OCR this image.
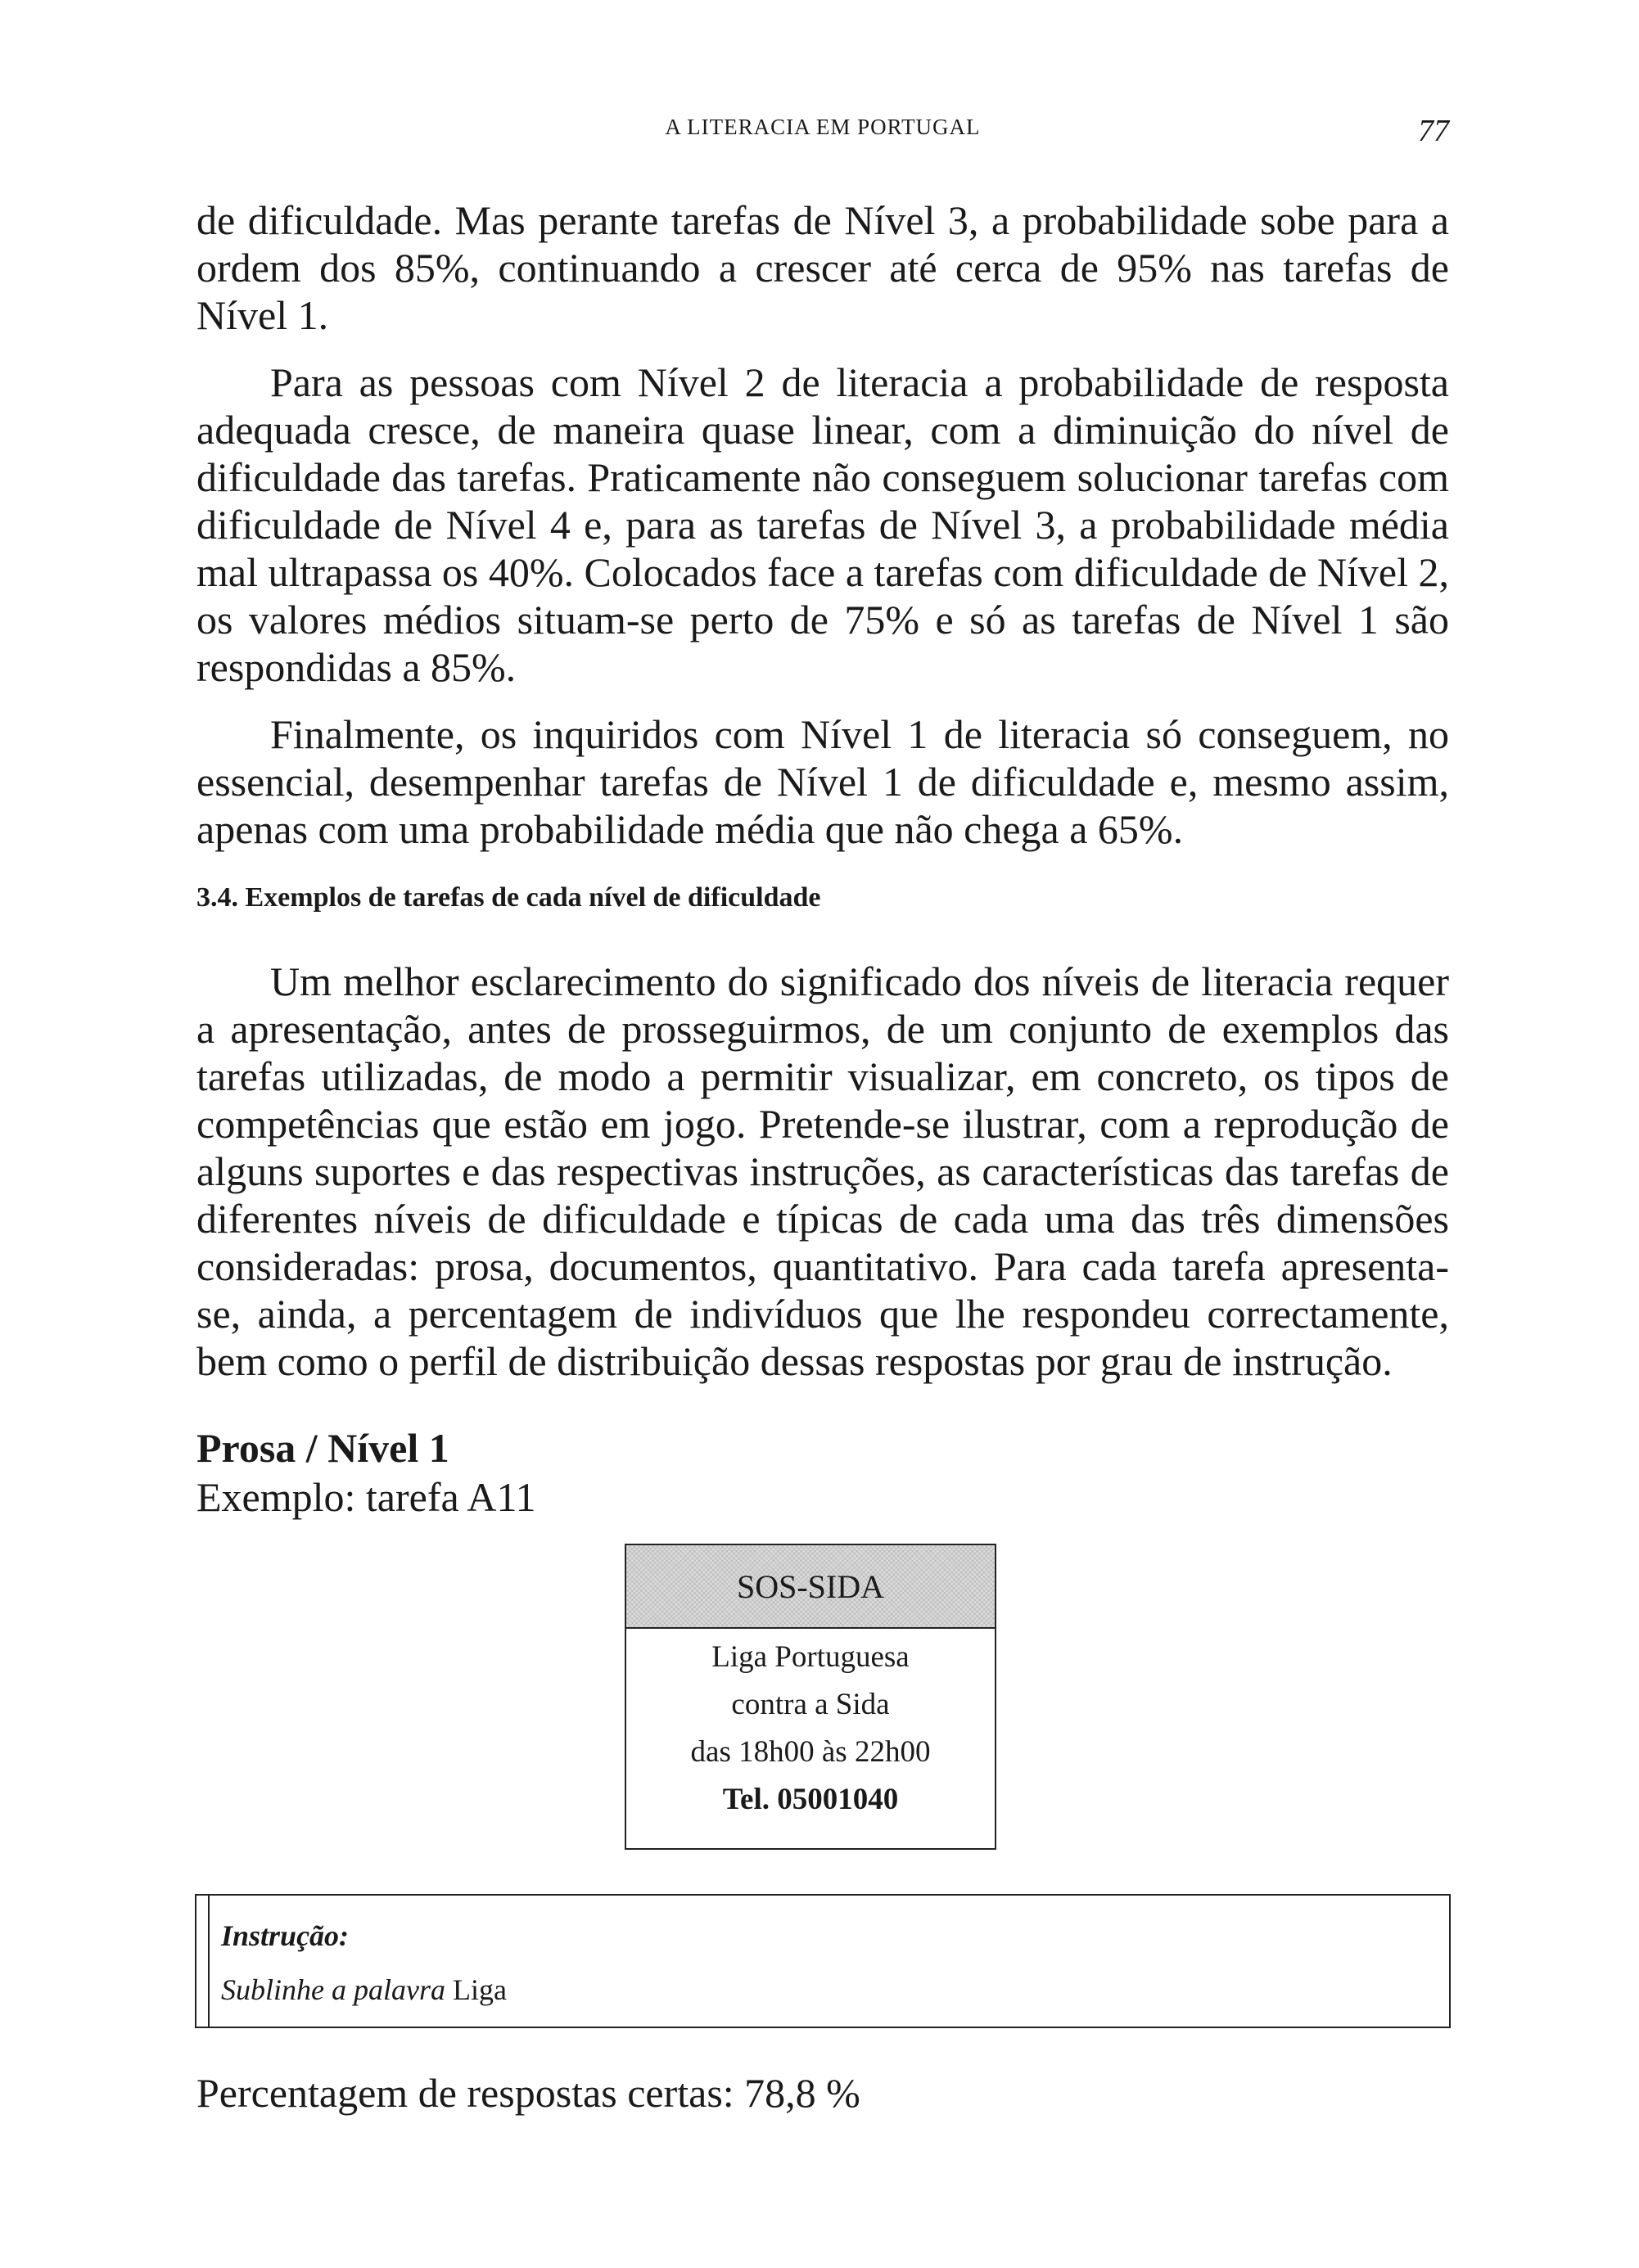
A LITERACIA EM PORTUGAL	77

de dificuldade. Mas perante tarefas de Nível 3, a probabilidade sobe para a ordem dos 85%, continuando a crescer até cerca de 95% nas tarefas de Nível 1.

Para as pessoas com Nível 2 de literacia a probabilidade de resposta adequada cresce, de maneira quase linear, com a diminuição do nível de dificuldade das tarefas. Praticamente não conseguem solucionar tarefas com dificuldade de Nível 4 e, para as tarefas de Nível 3, a probabilidade média mal ultrapassa os 40%. Colocados face a tarefas com dificuldade de Nível 2, os valores médios situam-se perto de 75% e só as tarefas de Nível 1 são respondidas a 85%.

Finalmente, os inquiridos com Nível 1 de literacia só conseguem, no essencial, desempenhar tarefas de Nível 1 de dificuldade e, mesmo assim, apenas com uma probabilidade média que não chega a 65%.

3.4. Exemplos de tarefas de cada nível de dificuldade

Um melhor esclarecimento do significado dos níveis de literacia requer a apresentação, antes de prosseguirmos, de um conjunto de exemplos das tarefas utilizadas, de modo a permitir visualizar, em concreto, os tipos de competências que estão em jogo. Pretende-se ilustrar, com a reprodução de alguns suportes e das respectivas instruções, as características das tarefas de diferentes níveis de dificuldade e típicas de cada uma das três dimensões consideradas: prosa, documentos, quantitativo. Para cada tarefa apresenta-se, ainda, a percentagem de indivíduos que lhe respondeu correctamente, bem como o perfil de distribuição dessas respostas por grau de instrução.

Prosa / Nível 1
Exemplo: tarefa A11
SOS-SIDA
Liga Portuguesa
contra a Sida
das 18h00 às 22h00
Tel. 05001040
Instrução:
Sublinhe a palavra Liga
Percentagem de respostas certas: 78,8 %
